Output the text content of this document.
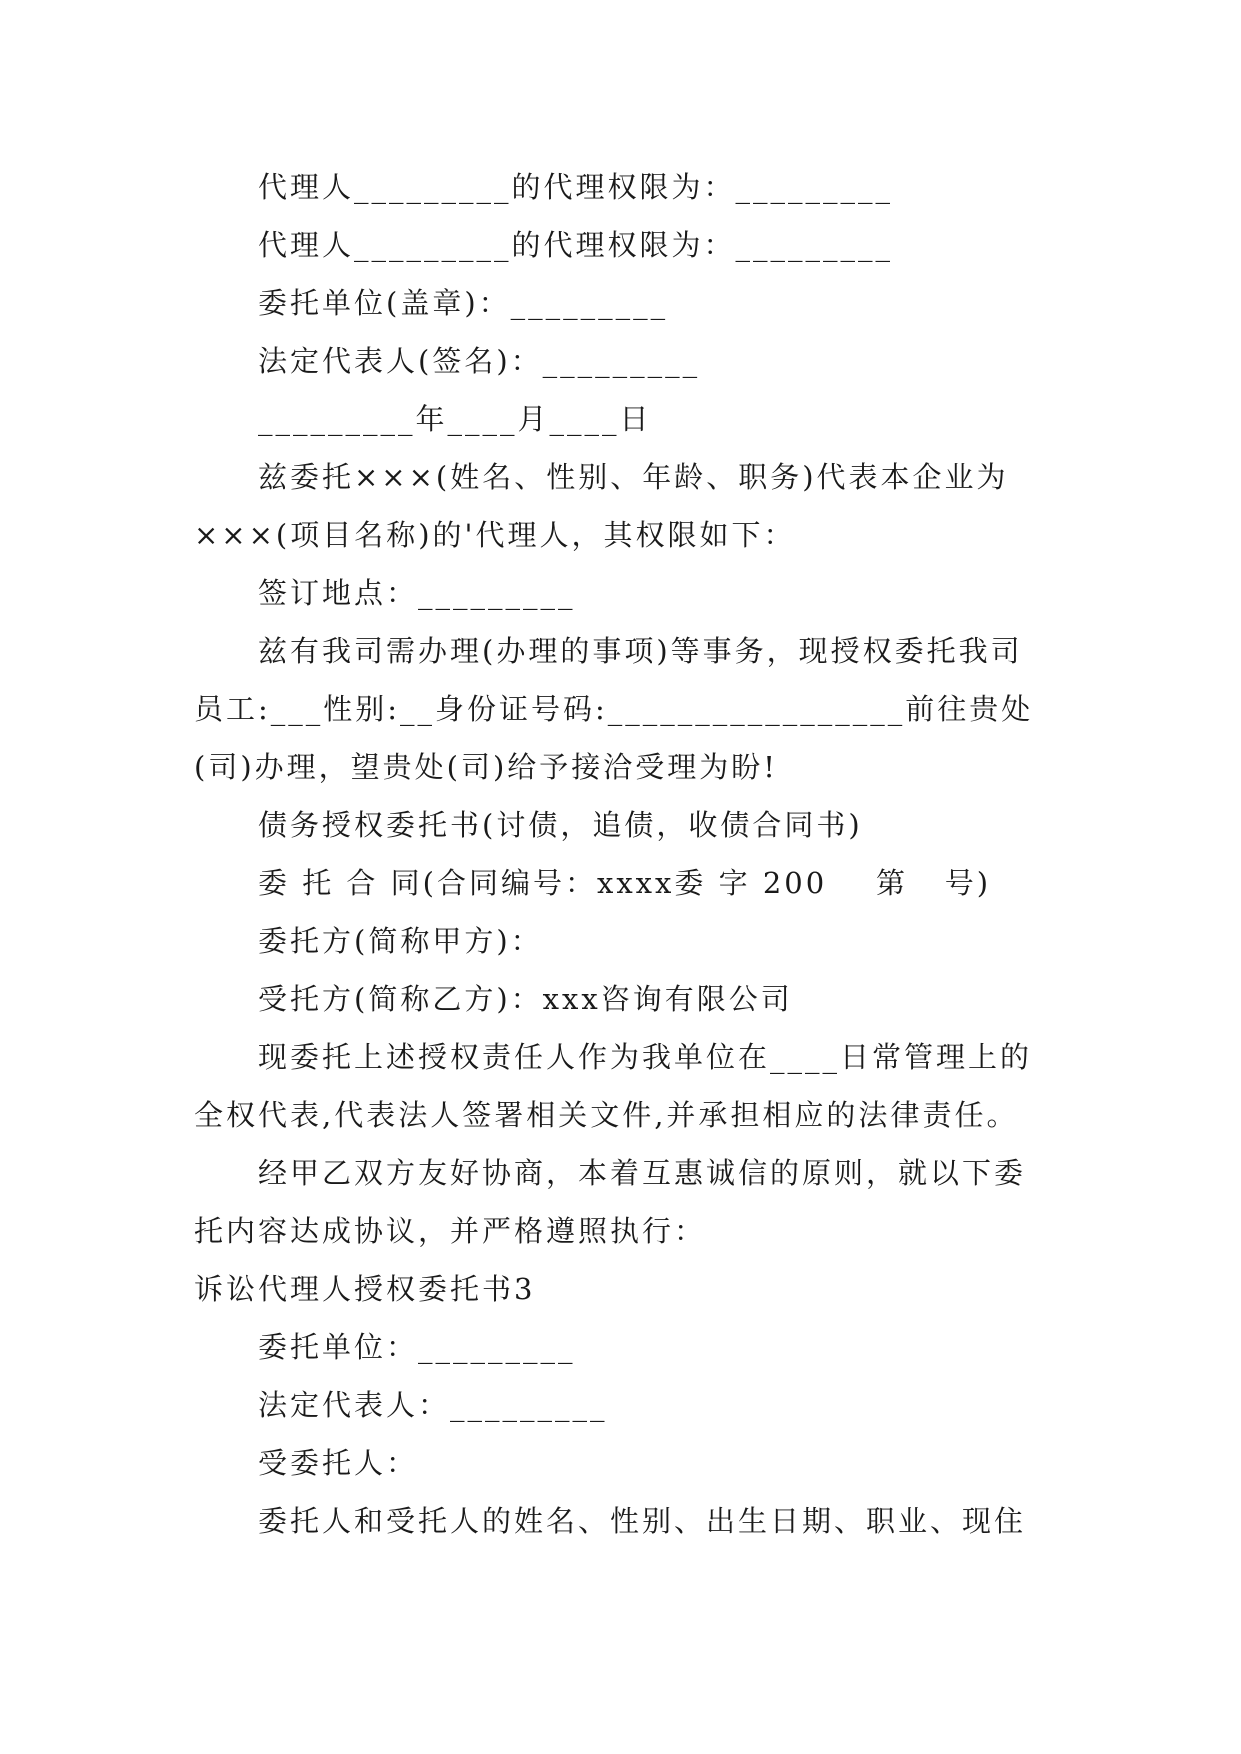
代理人_________的代理权限为：_________
代理人_________的代理权限为：_________
委托单位(盖章)：_________
法定代表人(签名)：_________
_________年____月____日
兹委托×××(姓名、性别、年龄、职务)代表本企业为
×××(项目名称)的'代理人，其权限如下：
签订地点：_________
兹有我司需办理(办理的事项)等事务，现授权委托我司
员工:___性别:__身份证号码:_________________前往贵处
(司)办理，望贵处(司)给予接洽受理为盼!
债务授权委托书(讨债，追债，收债合同书)
委 托 合 同(合同编号：xxxx委 字 200    第   号)
委托方(简称甲方)：
受托方(简称乙方)：xxx咨询有限公司
现委托上述授权责任人作为我单位在____日常管理上的
全权代表,代表法人签署相关文件,并承担相应的法律责任。
经甲乙双方友好协商，本着互惠诚信的原则，就以下委
托内容达成协议，并严格遵照执行：
诉讼代理人授权委托书3
委托单位：_________
法定代表人：_________
受委托人：
委托人和受托人的姓名、性别、出生日期、职业、现住
